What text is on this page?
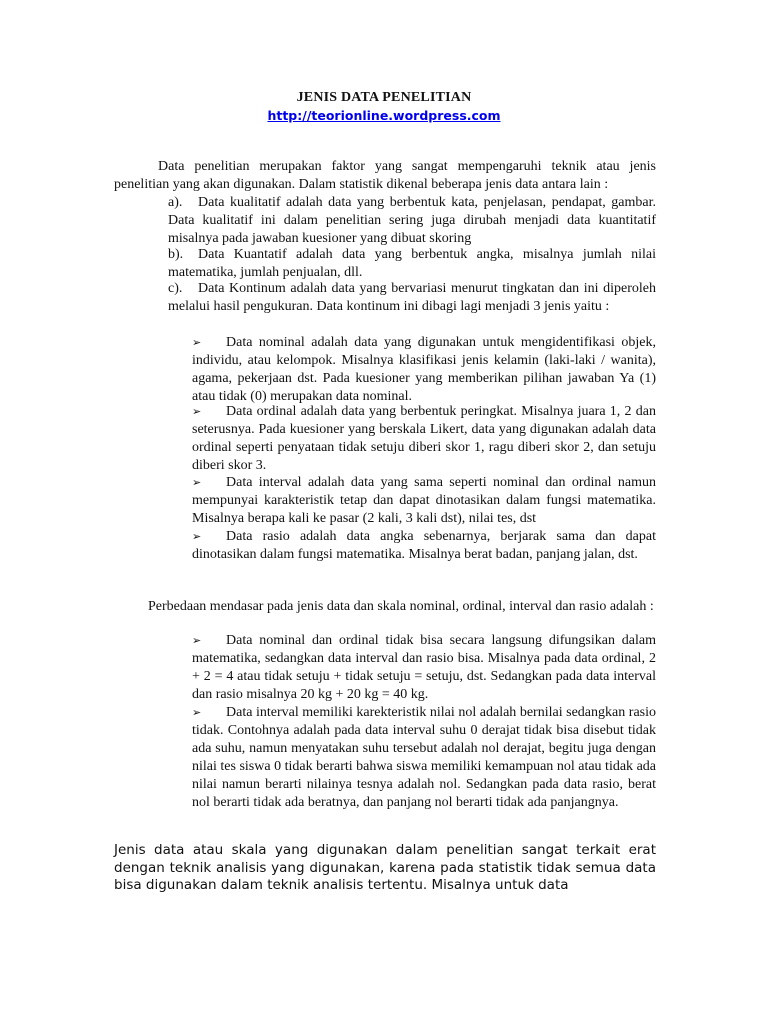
JENIS DATA PENELITIAN
http://teorionline.wordpress.com
Data penelitian merupakan faktor yang sangat mempengaruhi teknik atau jenis penelitian yang akan digunakan. Dalam statistik dikenal beberapa jenis data antara lain :
a). Data kualitatif adalah data yang berbentuk kata, penjelasan, pendapat, gambar. Data kualitatif ini dalam penelitian sering juga dirubah menjadi data kuantitatif misalnya pada jawaban kuesioner yang dibuat skoring
b). Data Kuantatif adalah data yang berbentuk angka, misalnya jumlah nilai matematika, jumlah penjualan, dll.
c). Data Kontinum adalah data yang bervariasi menurut tingkatan dan ini diperoleh melalui hasil pengukuran. Data kontinum ini dibagi lagi menjadi 3 jenis yaitu :
➢ Data nominal adalah data yang digunakan untuk mengidentifikasi objek, individu, atau kelompok. Misalnya klasifikasi jenis kelamin (laki-laki / wanita), agama, pekerjaan dst. Pada kuesioner yang memberikan pilihan jawaban Ya (1) atau tidak (0) merupakan data nominal.
➢ Data ordinal adalah data yang berbentuk peringkat. Misalnya juara 1, 2 dan seterusnya. Pada kuesioner yang berskala Likert, data yang digunakan adalah data ordinal seperti penyataan tidak setuju diberi skor 1, ragu diberi skor 2, dan setuju diberi skor 3.
➢ Data interval adalah data yang sama seperti nominal dan ordinal namun mempunyai karakteristik tetap dan dapat dinotasikan dalam fungsi matematika. Misalnya berapa kali ke pasar (2 kali, 3 kali dst), nilai tes, dst
➢ Data rasio adalah data angka sebenarnya, berjarak sama dan dapat dinotasikan dalam fungsi matematika. Misalnya berat badan, panjang jalan, dst.
Perbedaan mendasar pada jenis data dan skala nominal, ordinal, interval dan rasio adalah :
➢ Data nominal dan ordinal tidak bisa secara langsung difungsikan dalam matematika, sedangkan data interval dan rasio bisa. Misalnya pada data ordinal, 2 + 2 = 4 atau tidak setuju + tidak setuju = setuju, dst. Sedangkan pada data interval dan rasio misalnya 20 kg + 20 kg = 40 kg.
➢ Data interval memiliki karekteristik nilai nol adalah bernilai sedangkan rasio tidak. Contohnya adalah pada data interval suhu 0 derajat tidak bisa disebut tidak ada suhu, namun menyatakan suhu tersebut adalah nol derajat, begitu juga dengan nilai tes siswa 0 tidak berarti bahwa siswa memiliki kemampuan nol atau tidak ada nilai namun berarti nilainya tesnya adalah nol. Sedangkan pada data rasio, berat nol berarti tidak ada beratnya, dan panjang nol berarti tidak ada panjangnya.
Jenis data atau skala yang digunakan dalam penelitian sangat terkait erat dengan teknik analisis yang digunakan, karena pada statistik tidak semua data bisa digunakan dalam teknik analisis tertentu. Misalnya untuk data
